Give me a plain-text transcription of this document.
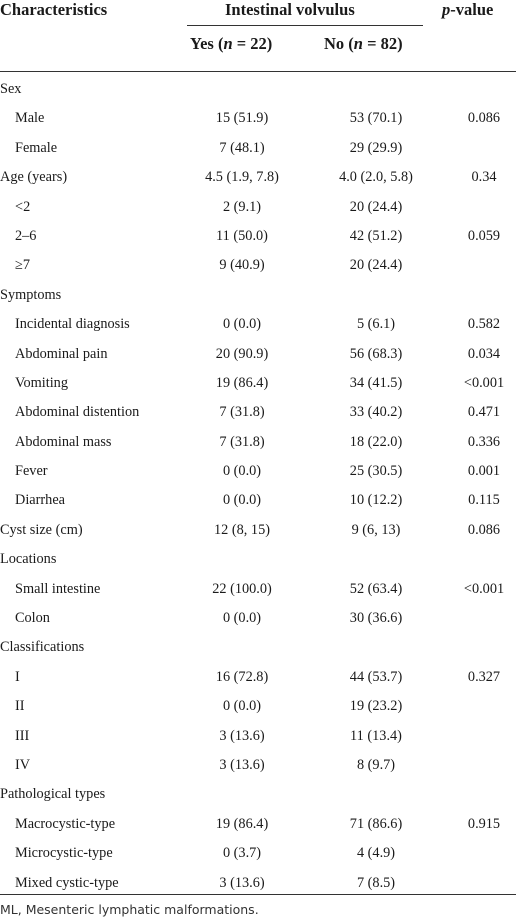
Characteristics	Intestinal volvulus	p-value
Yes (n = 22)	No (n = 82)
Sex
Male	15 (51.9)	53 (70.1)	0.086
Female	7 (48.1)	29 (29.9)
Age (years)	4.5 (1.9, 7.8)	4.0 (2.0, 5.8)	0.34
<2	2 (9.1)	20 (24.4)
2–6	11 (50.0)	42 (51.2)	0.059
≥7	9 (40.9)	20 (24.4)
Symptoms
Incidental diagnosis	0 (0.0)	5 (6.1)	0.582
Abdominal pain	20 (90.9)	56 (68.3)	0.034
Vomiting	19 (86.4)	34 (41.5)	<0.001
Abdominal distention	7 (31.8)	33 (40.2)	0.471
Abdominal mass	7 (31.8)	18 (22.0)	0.336
Fever	0 (0.0)	25 (30.5)	0.001
Diarrhea	0 (0.0)	10 (12.2)	0.115
Cyst size (cm)	12 (8, 15)	9 (6, 13)	0.086
Locations
Small intestine	22 (100.0)	52 (63.4)	<0.001
Colon	0 (0.0)	30 (36.6)
Classifications
I	16 (72.8)	44 (53.7)	0.327
II	0 (0.0)	19 (23.2)
III	3 (13.6)	11 (13.4)
IV	3 (13.6)	8 (9.7)
Pathological types
Macrocystic-type	19 (86.4)	71 (86.6)	0.915
Microcystic-type	0 (3.7)	4 (4.9)
Mixed cystic-type	3 (13.6)	7 (8.5)
ML, Mesenteric lymphatic malformations.
